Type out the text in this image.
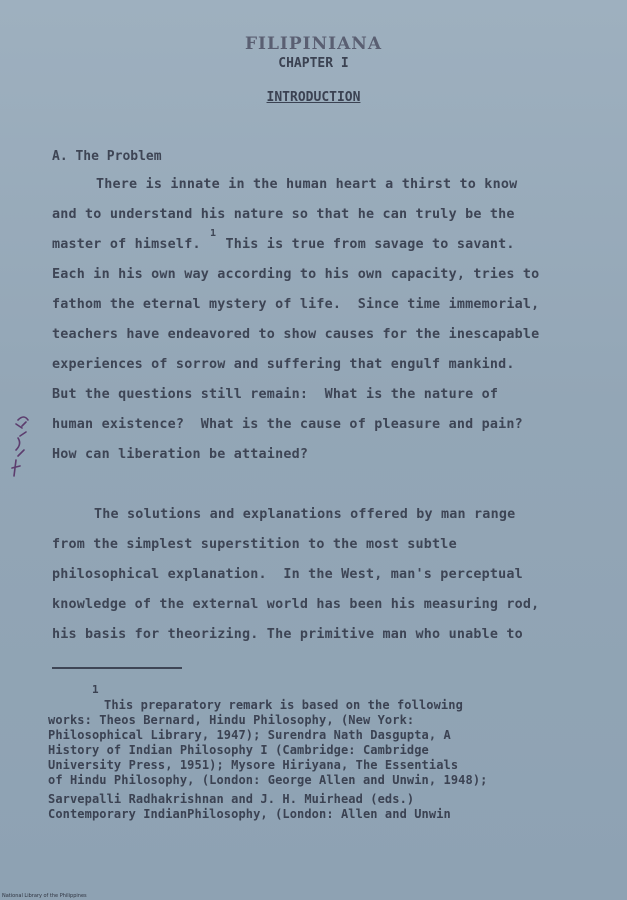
FILIPINIANA
CHAPTER I
INTRODUCTION
A. The Problem
There is innate in the human heart a thirst to know
and to understand his nature so that he can truly be the
master of himself.   This is true from savage to savant.
1
Each in his own way according to his own capacity, tries to
fathom the eternal mystery of life.  Since time immemorial,
teachers have endeavored to show causes for the inescapable
experiences of sorrow and suffering that engulf mankind.
But the questions still remain:  What is the nature of
human existence?  What is the cause of pleasure and pain?
How can liberation be attained?
The solutions and explanations offered by man range
from the simplest superstition to the most subtle
philosophical explanation.  In the West, man's perceptual
knowledge of the external world has been his measuring rod,
his basis for theorizing. The primitive man who unable to
1
This preparatory remark is based on the following
works: Theos Bernard, Hindu Philosophy, (New York:
Philosophical Library, 1947); Surendra Nath Dasgupta, A
History of Indian Philosophy I (Cambridge: Cambridge
University Press, 1951); Mysore Hiriyana, The Essentials
of Hindu Philosophy, (London: George Allen and Unwin, 1948);
Sarvepalli Radhakrishnan and J. H. Muirhead (eds.)
Contemporary IndianPhilosophy, (London: Allen and Unwin
National Library of the Philippines
